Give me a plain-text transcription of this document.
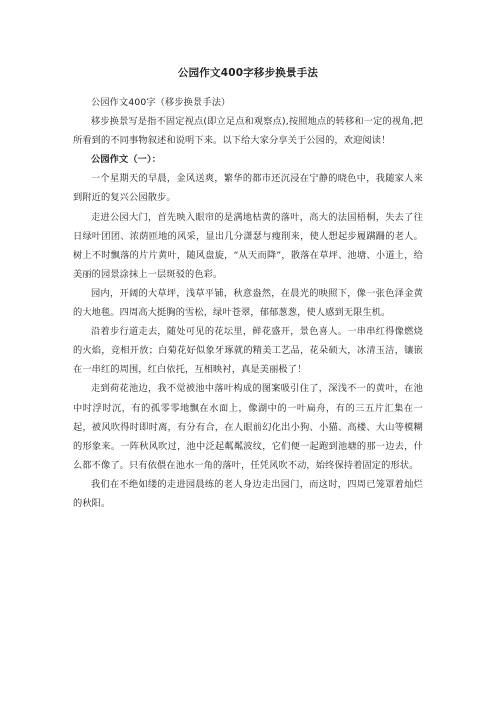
公园作文400字移步换景手法

公园作文400字（移步换景手法）

移步换景写是指不固定视点(即立足点和观察点),按照地点的转移和一定的视角,把所看到的不同事物叙述和说明下来。以下给大家分享关于公园的，欢迎阅读！

公园作文（一）：

一个星期天的早晨，金风送爽，繁华的都市还沉浸在宁静的晓色中，我随家人来到附近的复兴公园散步。

走进公园大门，首先映入眼帘的是满地枯黄的落叶，高大的法国梧桐，失去了往日绿叶团团、浓荫匝地的风采，显出几分潇瑟与瘦削来，使人想起步履蹒跚的老人。树上不时飘落的片片黄叶，随风盘旋，“从天而降”，散落在草坪、池塘、小道上，给美丽的园景涂抹上一层斑驳的色彩。

园内，开阔的大草坪，浅草平铺，秋意盎然，在晨光的映照下，像一张色泽金黄的大地毯。四周高大挺胸的雪松，绿叶苍翠，郁郁葱葱，使人感到无限生机。

沿着步行道走去，随处可见的花坛里，鲜花盛开，景色喜人。一串串红得像燃烧的火焰，竞相开放；白菊花好似象牙琢就的精美工艺品，花朵硕大，冰清玉洁，镶嵌在一串红的周围，红白依托，互相映衬，真是美丽极了！

走到荷花池边，我不觉被池中落叶构成的图案吸引住了，深浅不一的黄叶，在池中时浮时沉，有的孤零零地飘在水面上，像湖中的一叶扁舟，有的三五片汇集在一起，被风吹得时即时离，有分有合，在人眼前幻化出小狗、小猫、高楼、大山等模糊的形象来。一阵秋风吹过，池中泛起粼粼波纹，它们便一起跑到池塘的那一边去，什么都不像了。只有依偎在池水一角的落叶，任凭风吹不动，始终保持着固定的形状。

我们在不绝如缕的走进园晨练的老人身边走出园门，而这时，四周已笼罩着灿烂的秋阳。
